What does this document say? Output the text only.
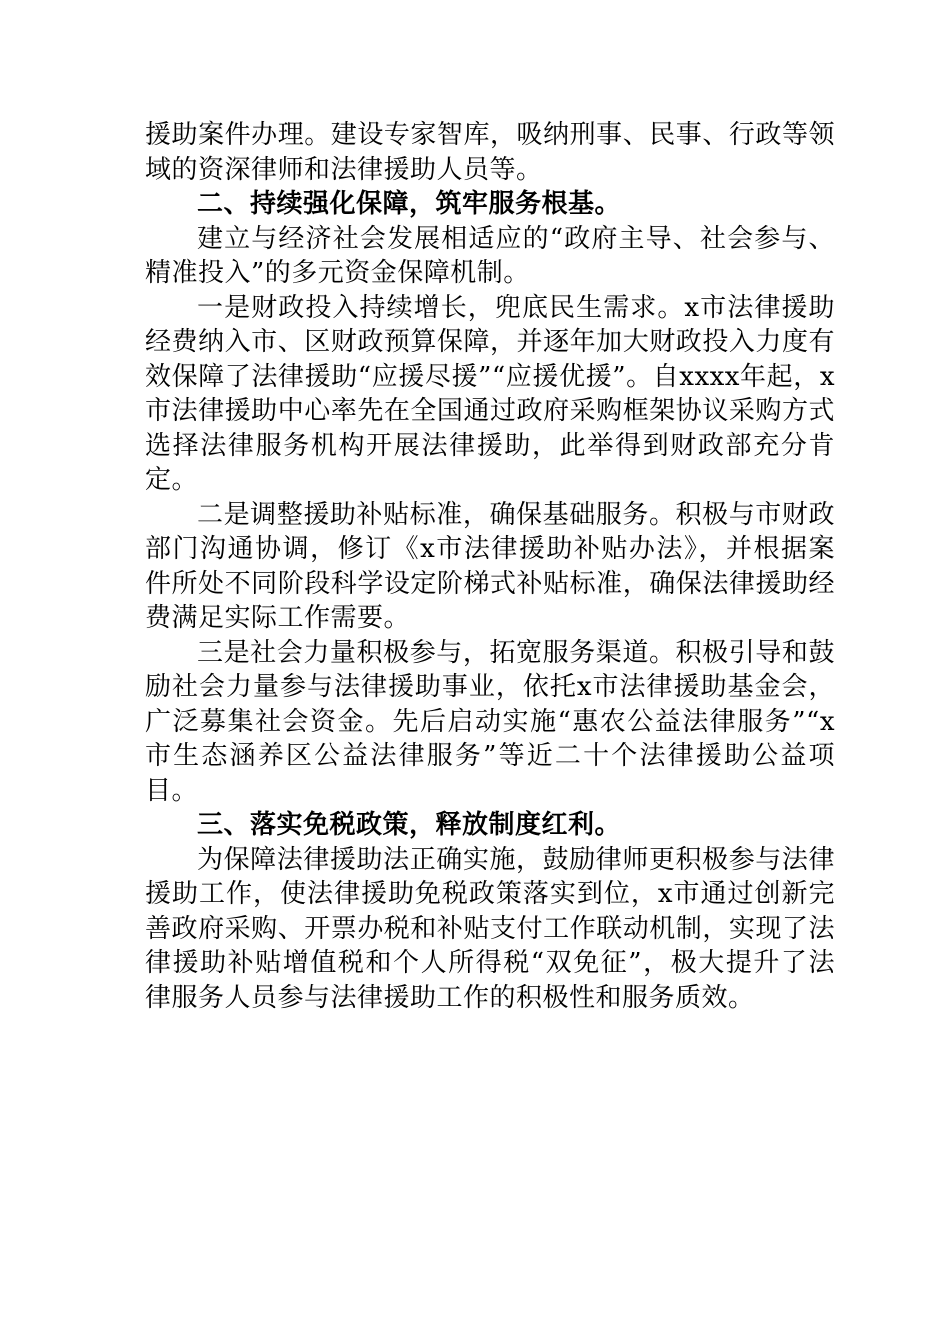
援助案件办理。建设专家智库，吸纳刑事、民事、行政等领域的资深律师和法律援助人员等。

二、持续强化保障，筑牢服务根基。

建立与经济社会发展相适应的“政府主导、社会参与、精准投入”的多元资金保障机制。

一是财政投入持续增长，兜底民生需求。x市法律援助经费纳入市、区财政预算保障，并逐年加大财政投入力度有效保障了法律援助“应援尽援”“应援优援”。自xxxx年起，x市法律援助中心率先在全国通过政府采购框架协议采购方式选择法律服务机构开展法律援助，此举得到财政部充分肯定。

二是调整援助补贴标准，确保基础服务。积极与市财政部门沟通协调，修订《x市法律援助补贴办法》，并根据案件所处不同阶段科学设定阶梯式补贴标准，确保法律援助经费满足实际工作需要。

三是社会力量积极参与，拓宽服务渠道。积极引导和鼓励社会力量参与法律援助事业，依托x市法律援助基金会，广泛募集社会资金。先后启动实施“惠农公益法律服务”“x市生态涵养区公益法律服务”等近二十个法律援助公益项目。

三、落实免税政策，释放制度红利。

为保障法律援助法正确实施，鼓励律师更积极参与法律援助工作，使法律援助免税政策落实到位，x市通过创新完善政府采购、开票办税和补贴支付工作联动机制，实现了法律援助补贴增值税和个人所得税“双免征”，极大提升了法律服务人员参与法律援助工作的积极性和服务质效。
